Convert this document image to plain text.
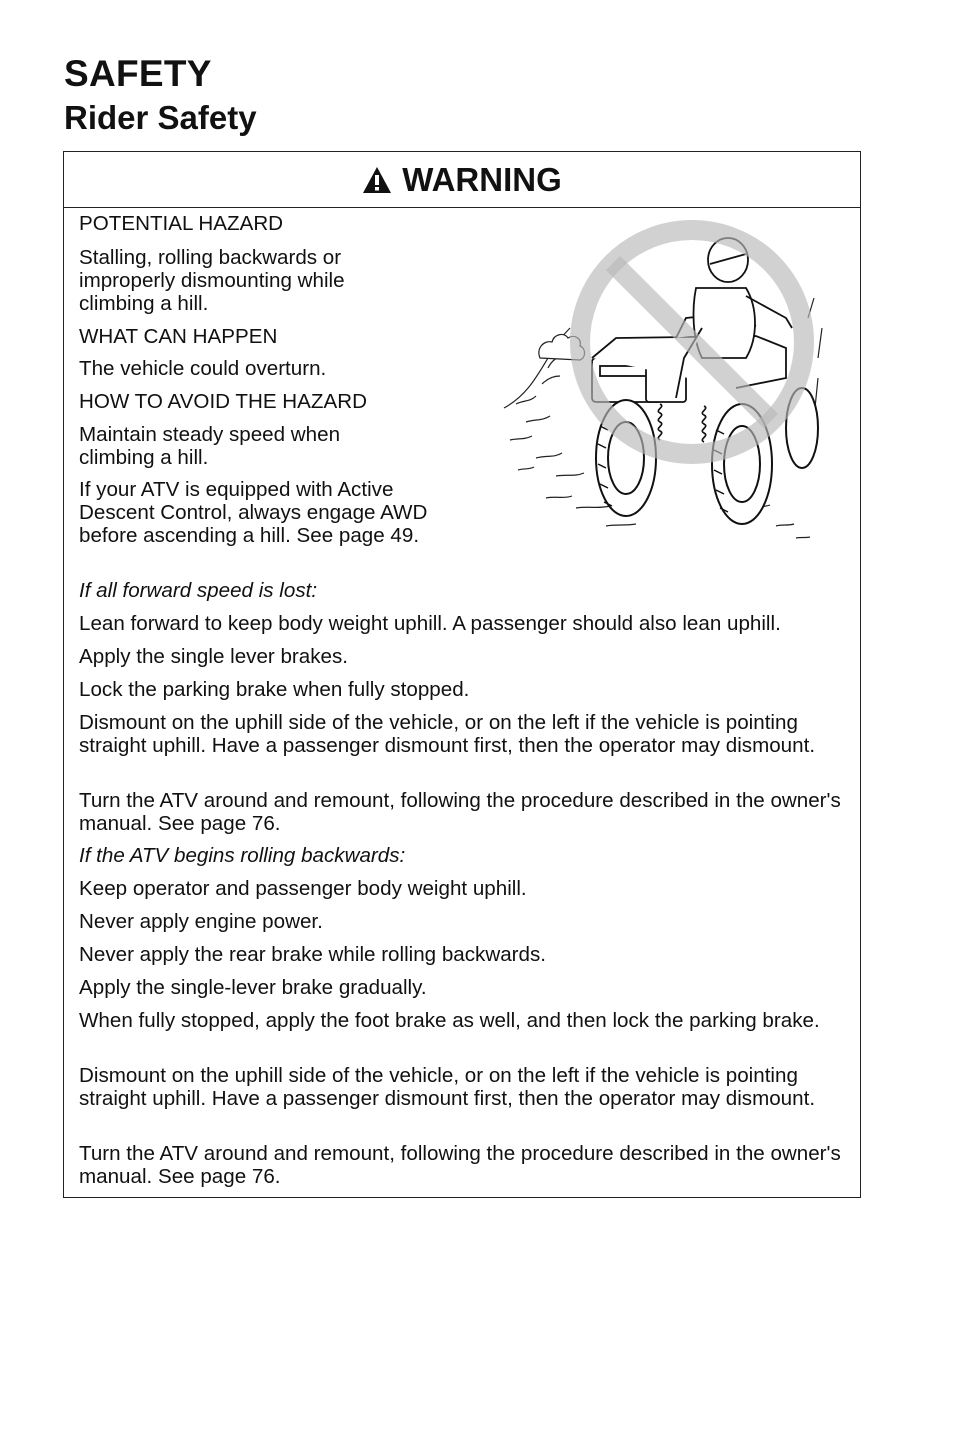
SAFETY
Rider Safety
WARNING

POTENTIAL HAZARD

Stalling, rolling backwards or improperly dismounting while climbing a hill.

WHAT CAN HAPPEN

The vehicle could overturn.

HOW TO AVOID THE HAZARD

Maintain steady speed when climbing a hill.

If your ATV is equipped with Active Descent Control, always engage AWD before ascending a hill. See page 49.

If all forward speed is lost:

Lean forward to keep body weight uphill. A passenger should also lean uphill.

Apply the single lever brakes.

Lock the parking brake when fully stopped.

Dismount on the uphill side of the vehicle, or on the left if the vehicle is pointing straight uphill. Have a passenger dismount first, then the operator may dismount.

Turn the ATV around and remount, following the procedure described in the owner's manual. See page 76.

If the ATV begins rolling backwards:

Keep operator and passenger body weight uphill.

Never apply engine power.

Never apply the rear brake while rolling backwards.

Apply the single-lever brake gradually.

When fully stopped, apply the foot brake as well, and then lock the parking brake.

Dismount on the uphill side of the vehicle, or on the left if the vehicle is pointing straight uphill. Have a passenger dismount first, then the operator may dismount.

Turn the ATV around and remount, following the procedure described in the owner's manual. See page 76.
